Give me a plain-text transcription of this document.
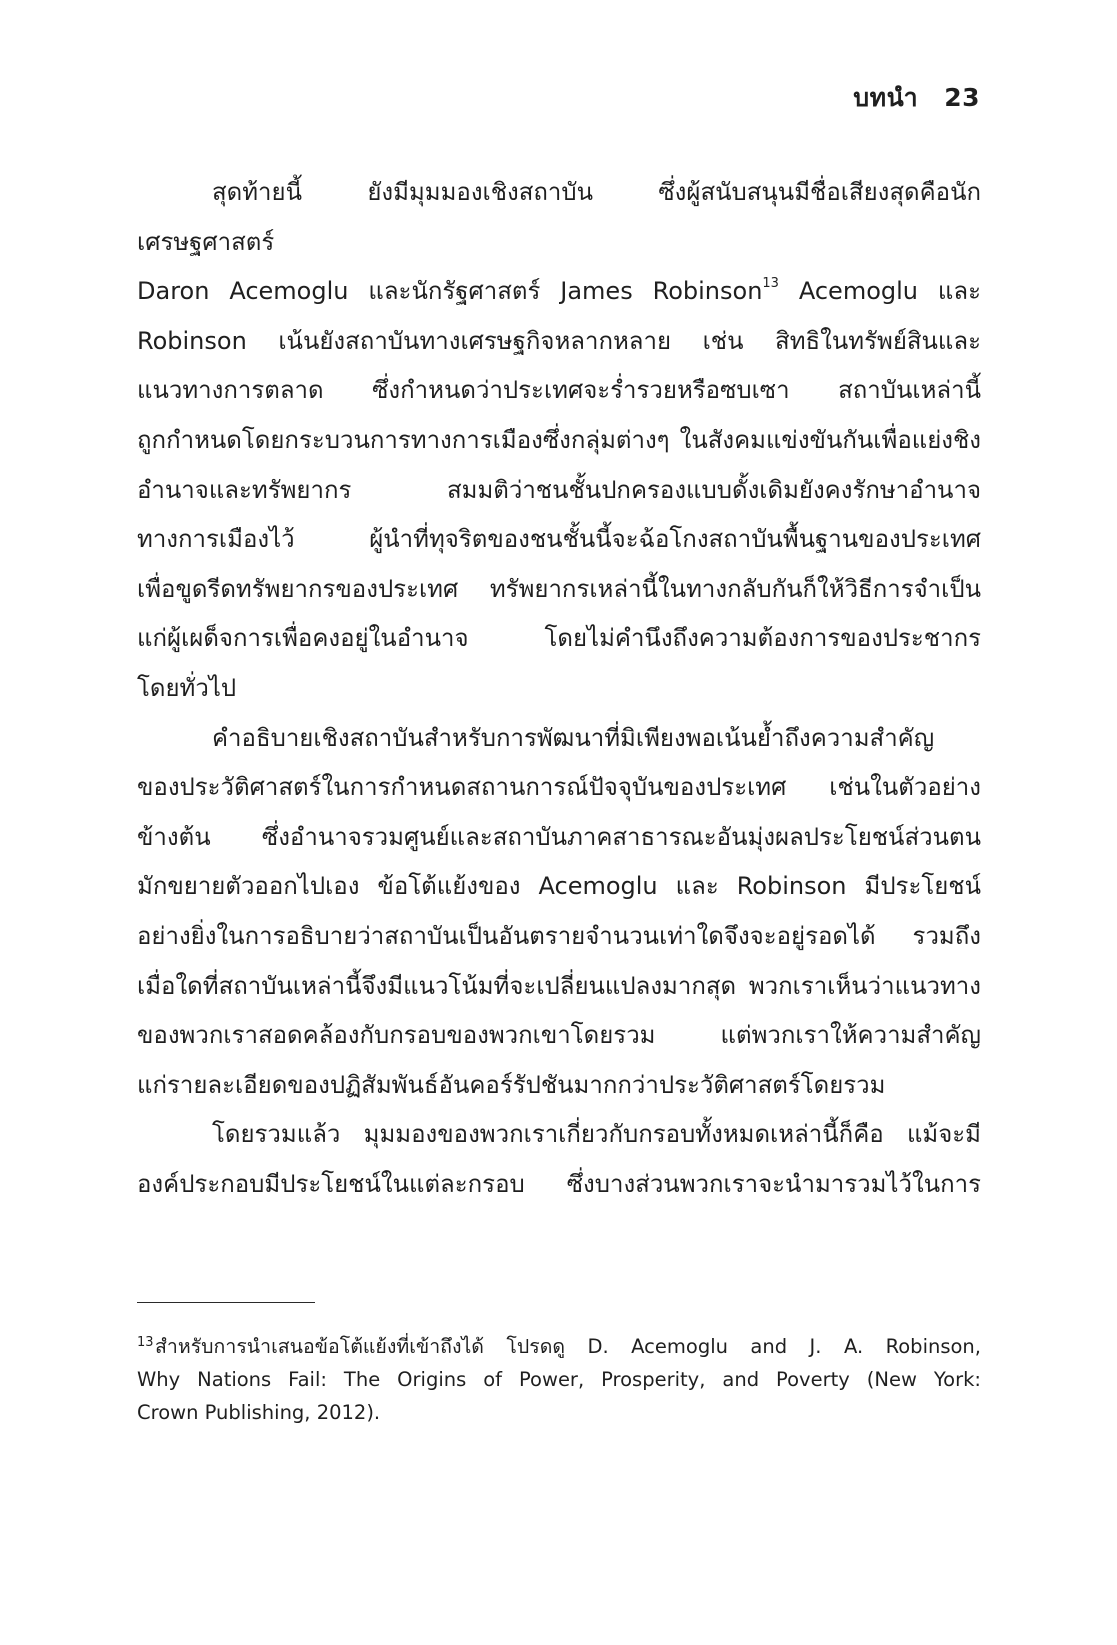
บทนำ 23

สุดท้ายนี้ ยังมีมุมมองเชิงสถาบัน ซึ่งผู้สนับสนุนมีชื่อเสียงสุดคือนักเศรษฐศาสตร์

Daron Acemoglu และนักรัฐศาสตร์ James Robinson$^{13}$ Acemoglu และ

Robinson เน้นยังสถาบันทางเศรษฐกิจหลากหลาย เช่น สิทธิในทรัพย์สินและ

แนวทางการตลาด ซึ่งกำหนดว่าประเทศจะร่ำรวยหรือซบเซา สถาบันเหล่านี้

ถูกกำหนดโดยกระบวนการทางการเมืองซึ่งกลุ่มต่างๆ ในสังคมแข่งขันกันเพื่อแย่งชิง

อำนาจและทรัพยากร สมมติว่าชนชั้นปกครองแบบดั้งเดิมยังคงรักษาอำนาจ

ทางการเมืองไว้ ผู้นำที่ทุจริตของชนชั้นนี้จะฉ้อโกงสถาบันพื้นฐานของประเทศ

เพื่อขูดรีดทรัพยากรของประเทศ ทรัพยากรเหล่านี้ในทางกลับกันก็ให้วิธีการจำเป็น

แก่ผู้เผด็จการเพื่อคงอยู่ในอำนาจ โดยไม่คำนึงถึงความต้องการของประชากร

โดยทั่วไป

คำอธิบายเชิงสถาบันสำหรับการพัฒนาที่มิเพียงพอเน้นย้ำถึงความสำคัญ

ของประวัติศาสตร์ในการกำหนดสถานการณ์ปัจจุบันของประเทศ เช่นในตัวอย่าง

ข้างต้น ซึ่งอำนาจรวมศูนย์และสถาบันภาคสาธารณะอันมุ่งผลประโยชน์ส่วนตน

มักขยายตัวออกไปเอง ข้อโต้แย้งของ Acemoglu และ Robinson มีประโยชน์

อย่างยิ่งในการอธิบายว่าสถาบันเป็นอันตรายจำนวนเท่าใดจึงจะอยู่รอดได้ รวมถึง

เมื่อใดที่สถาบันเหล่านี้จึงมีแนวโน้มที่จะเปลี่ยนแปลงมากสุด พวกเราเห็นว่าแนวทาง

ของพวกเราสอดคล้องกับกรอบของพวกเขาโดยรวม แต่พวกเราให้ความสำคัญ

แก่รายละเอียดของปฏิสัมพันธ์อันคอร์รัปชันมากกว่าประวัติศาสตร์โดยรวม

โดยรวมแล้ว มุมมองของพวกเราเกี่ยวกับกรอบทั้งหมดเหล่านี้ก็คือ แม้จะมี

องค์ประกอบมีประโยชน์ในแต่ละกรอบ ซึ่งบางส่วนพวกเราจะนำมารวมไว้ในการ

13 สำหรับการนำเสนอข้อโต้แย้งที่เข้าถึงได้ โปรดดู D. Acemoglu and J. A. Robinson,
Why Nations Fail: The Origins of Power, Prosperity, and Poverty (New York:
Crown Publishing, 2012).
